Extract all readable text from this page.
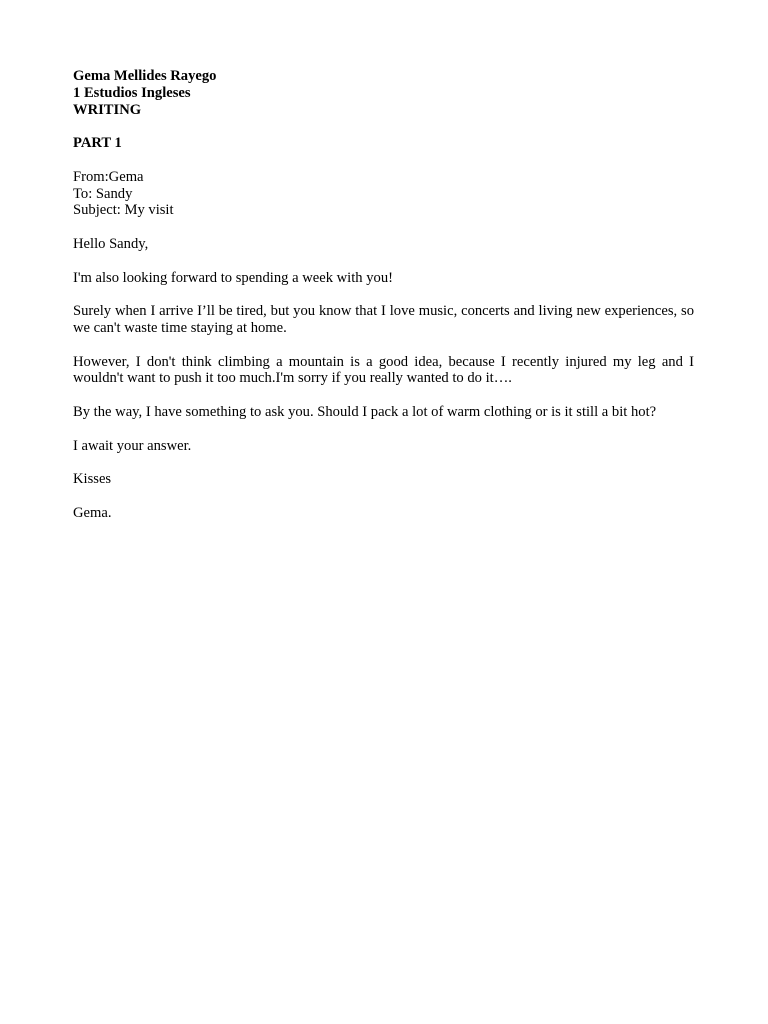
Gema Mellides Rayego

1 Estudios Ingleses

WRITING

PART 1

From:Gema

To: Sandy

Subject: My visit

Hello Sandy,

I'm also looking forward to spending a week with you!

Surely when I arrive I’ll be tired, but you know that I love music, concerts and living new experiences, so we can't waste time staying at home.

However, I don't think climbing a mountain is a good idea, because I recently injured my leg and I wouldn't want to push it too much.I'm sorry if you really wanted to do it….

By the way, I have something to ask you. Should I pack a lot of warm clothing or is it still a bit hot?

I await your answer.

Kisses

Gema.
